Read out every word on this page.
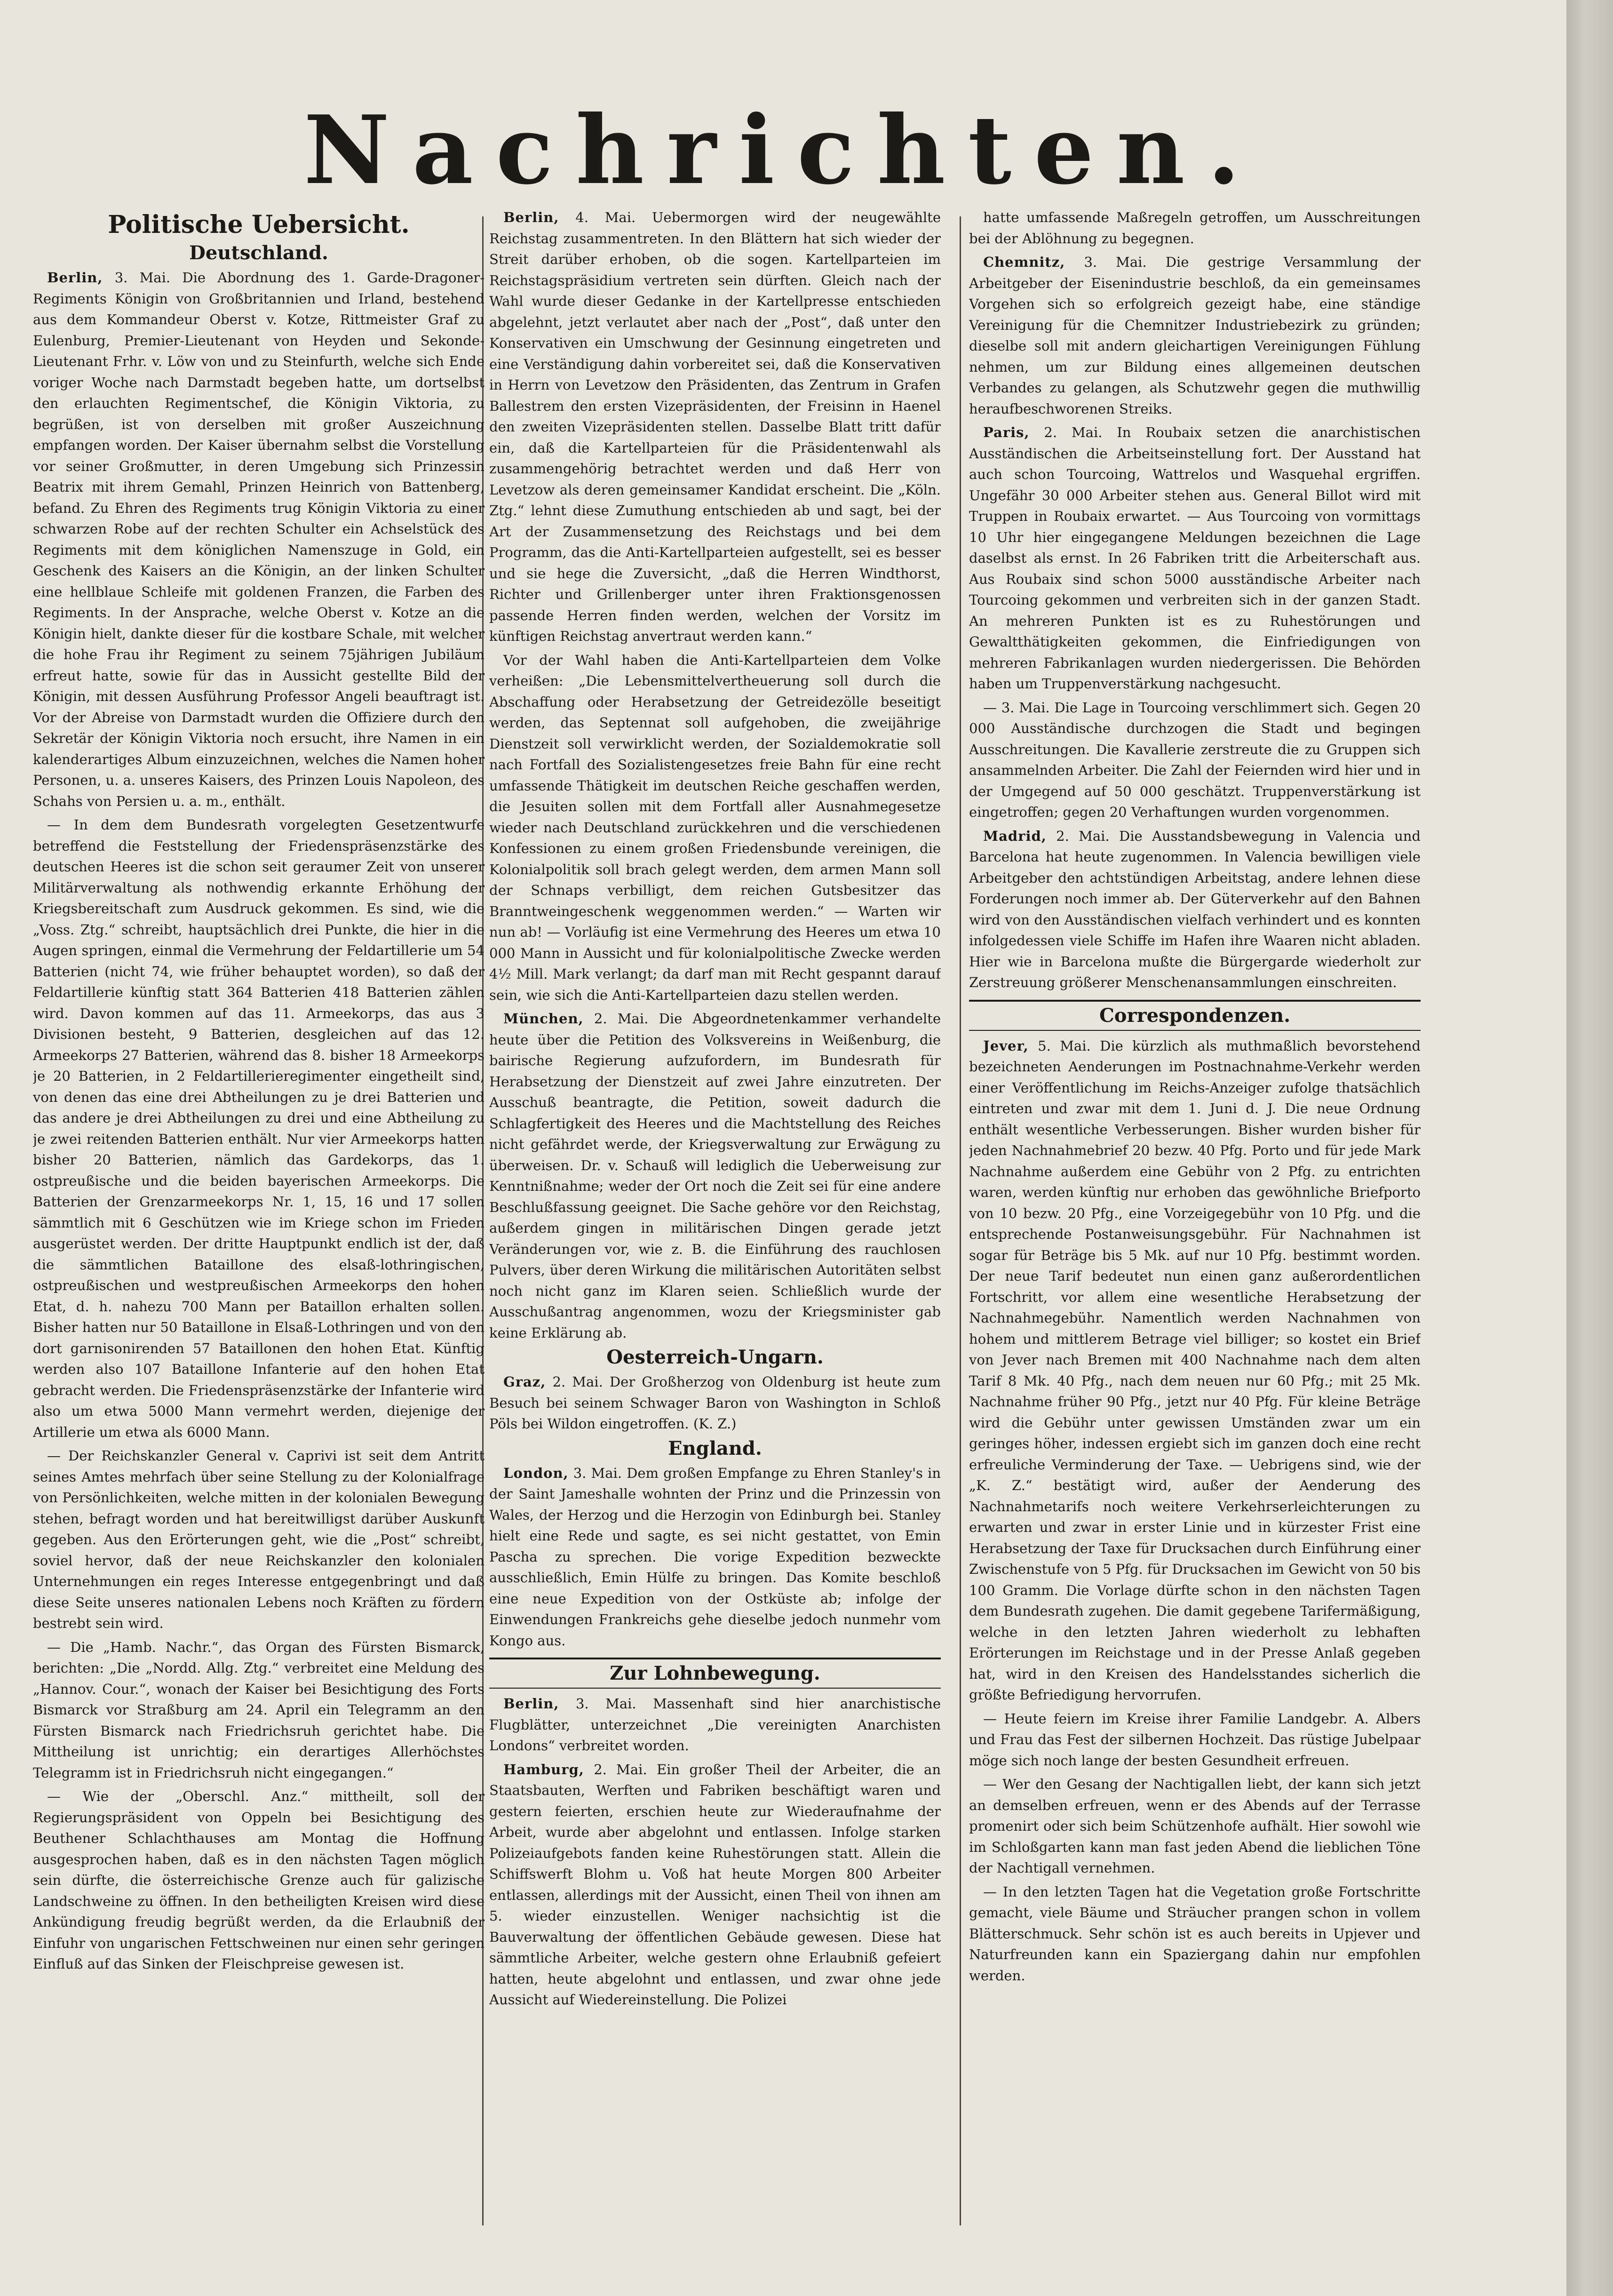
Nachrichten.
Politische Uebersicht.
Deutschland.

Berlin, 3. Mai. Die Abordnung des 1. Garde-Dragoner-Regiments Königin von Großbritannien und Irland, bestehend aus dem Kommandeur Oberst v. Kotze, Rittmeister Graf zu Eulenburg, Premier-Lieutenant von Heyden und Sekonde-Lieutenant Frhr. v. Löw von und zu Steinfurth, welche sich Ende voriger Woche nach Darmstadt begeben hatte, um dortselbst den erlauchten Regimentschef, die Königin Viktoria, zu begrüßen, ist von derselben mit großer Auszeichnung empfangen worden. Der Kaiser übernahm selbst die Vorstellung vor seiner Großmutter, in deren Umgebung sich Prinzessin Beatrix mit ihrem Gemahl, Prinzen Heinrich von Battenberg, befand. Zu Ehren des Regiments trug Königin Viktoria zu einer schwarzen Robe auf der rechten Schulter ein Achselstück des Regiments mit dem königlichen Namenszuge in Gold, ein Geschenk des Kaisers an die Königin, an der linken Schulter eine hellblaue Schleife mit goldenen Franzen, die Farben des Regiments. In der Ansprache, welche Oberst v. Kotze an die Königin hielt, dankte dieser für die kostbare Schale, mit welcher die hohe Frau ihr Regiment zu seinem 75jährigen Jubiläum erfreut hatte, sowie für das in Aussicht gestellte Bild der Königin, mit dessen Ausführung Professor Angeli beauftragt ist. Vor der Abreise von Darmstadt wurden die Offiziere durch den Sekretär der Königin Viktoria noch ersucht, ihre Namen in ein kalenderartiges Album einzuzeichnen, welches die Namen hoher Personen, u. a. unseres Kaisers, des Prinzen Louis Napoleon, des Schahs von Persien u. a. m., enthält.

— In dem dem Bundesrath vorgelegten Gesetzentwurfe betreffend die Feststellung der Friedenspräsenzstärke des deutschen Heeres ist die schon seit geraumer Zeit von unserer Militärverwaltung als nothwendig erkannte Erhöhung der Kriegsbereitschaft zum Ausdruck gekommen. Es sind, wie die „Voss. Ztg.“ schreibt, hauptsächlich drei Punkte, die hier in die Augen springen, einmal die Vermehrung der Feldartillerie um 54 Batterien (nicht 74, wie früher behauptet worden), so daß der Feldartillerie künftig statt 364 Batterien 418 Batterien zählen wird. Davon kommen auf das 11. Armeekorps, das aus 3 Divisionen besteht, 9 Batterien, desgleichen auf das 12. Armeekorps 27 Batterien, während das 8. bisher 18 Armeekorps je 20 Batterien, in 2 Feldartillerieregimenter eingetheilt sind, von denen das eine drei Abtheilungen zu je drei Batterien und das andere je drei Abtheilungen zu drei und eine Abtheilung zu je zwei reitenden Batterien enthält. Nur vier Armeekorps hatten bisher 20 Batterien, nämlich das Gardekorps, das 1. ostpreußische und die beiden bayerischen Armeekorps. Die Batterien der Grenzarmeekorps Nr. 1, 15, 16 und 17 sollen sämmtlich mit 6 Geschützen wie im Kriege schon im Frieden ausgerüstet werden. Der dritte Hauptpunkt endlich ist der, daß die sämmtlichen Bataillone des elsaß-lothringischen, ostpreußischen und westpreußischen Armeekorps den hohen Etat, d. h. nahezu 700 Mann per Bataillon erhalten sollen. Bisher hatten nur 50 Bataillone in Elsaß-Lothringen und von den dort garnisonirenden 57 Bataillonen den hohen Etat. Künftig werden also 107 Bataillone Infanterie auf den hohen Etat gebracht werden. Die Friedenspräsenzstärke der Infanterie wird also um etwa 5000 Mann vermehrt werden, diejenige der Artillerie um etwa als 6000 Mann.

— Der Reichskanzler General v. Caprivi ist seit dem Antritt seines Amtes mehrfach über seine Stellung zu der Kolonialfrage von Persönlichkeiten, welche mitten in der kolonialen Bewegung stehen, befragt worden und hat bereitwilligst darüber Auskunft gegeben. Aus den Erörterungen geht, wie die „Post“ schreibt, soviel hervor, daß der neue Reichskanzler den kolonialen Unternehmungen ein reges Interesse entgegenbringt und daß diese Seite unseres nationalen Lebens noch Kräften zu fördern bestrebt sein wird.

— Die „Hamb. Nachr.“, das Organ des Fürsten Bismarck, berichten: „Die „Nordd. Allg. Ztg.“ verbreitet eine Meldung des „Hannov. Cour.“, wonach der Kaiser bei Besichtigung des Forts Bismarck vor Straßburg am 24. April ein Telegramm an den Fürsten Bismarck nach Friedrichsruh gerichtet habe. Die Mittheilung ist unrichtig; ein derartiges Allerhöchstes Telegramm ist in Friedrichsruh nicht eingegangen.“

— Wie der „Oberschl. Anz.“ mittheilt, soll der Regierungspräsident von Oppeln bei Besichtigung des Beuthener Schlachthauses am Montag die Hoffnung ausgesprochen haben, daß es in den nächsten Tagen möglich sein dürfte, die österreichische Grenze auch für galizische Landschweine zu öffnen. In den betheiligten Kreisen wird diese Ankündigung freudig begrüßt werden, da die Erlaubniß der Einfuhr von ungarischen Fettschweinen nur einen sehr geringen Einfluß auf das Sinken der Fleischpreise gewesen ist.

Berlin, 4. Mai. Uebermorgen wird der neugewählte Reichstag zusammentreten. In den Blättern hat sich wieder der Streit darüber erhoben, ob die sogen. Kartellparteien im Reichstagspräsidium vertreten sein dürften. Gleich nach der Wahl wurde dieser Gedanke in der Kartellpresse entschieden abgelehnt, jetzt verlautet aber nach der „Post“, daß unter den Konservativen ein Umschwung der Gesinnung eingetreten und eine Verständigung dahin vorbereitet sei, daß die Konservativen in Herrn von Levetzow den Präsidenten, das Zentrum in Grafen Ballestrem den ersten Vizepräsidenten, der Freisinn in Haenel den zweiten Vizepräsidenten stellen. Dasselbe Blatt tritt dafür ein, daß die Kartellparteien für die Präsidentenwahl als zusammengehörig betrachtet werden und daß Herr von Levetzow als deren gemeinsamer Kandidat erscheint. Die „Köln. Ztg.“ lehnt diese Zumuthung entschieden ab und sagt, bei der Art der Zusammensetzung des Reichstags und bei dem Programm, das die Anti-Kartellparteien aufgestellt, sei es besser und sie hege die Zuversicht, „daß die Herren Windthorst, Richter und Grillenberger unter ihren Fraktionsgenossen passende Herren finden werden, welchen der Vorsitz im künftigen Reichstag anvertraut werden kann.“

Vor der Wahl haben die Anti-Kartellparteien dem Volke verheißen: „Die Lebensmittelvertheuerung soll durch die Abschaffung oder Herabsetzung der Getreidezölle beseitigt werden, das Septennat soll aufgehoben, die zweijährige Dienstzeit soll verwirklicht werden, der Sozialdemokratie soll nach Fortfall des Sozialistengesetzes freie Bahn für eine recht umfassende Thätigkeit im deutschen Reiche geschaffen werden, die Jesuiten sollen mit dem Fortfall aller Ausnahmegesetze wieder nach Deutschland zurückkehren und die verschiedenen Konfessionen zu einem großen Friedensbunde vereinigen, die Kolonialpolitik soll brach gelegt werden, dem armen Mann soll der Schnaps verbilligt, dem reichen Gutsbesitzer das Branntweingeschenk weggenommen werden.“ — Warten wir nun ab! — Vorläufig ist eine Vermehrung des Heeres um etwa 10 000 Mann in Aussicht und für kolonialpolitische Zwecke werden 4½ Mill. Mark verlangt; da darf man mit Recht gespannt darauf sein, wie sich die Anti-Kartellparteien dazu stellen werden.

München, 2. Mai. Die Abgeordnetenkammer verhandelte heute über die Petition des Volksvereins in Weißenburg, die bairische Regierung aufzufordern, im Bundesrath für Herabsetzung der Dienstzeit auf zwei Jahre einzutreten. Der Ausschuß beantragte, die Petition, soweit dadurch die Schlagfertigkeit des Heeres und die Machtstellung des Reiches nicht gefährdet werde, der Kriegsverwaltung zur Erwägung zu überweisen. Dr. v. Schauß will lediglich die Ueberweisung zur Kenntnißnahme; weder der Ort noch die Zeit sei für eine andere Beschlußfassung geeignet. Die Sache gehöre vor den Reichstag, außerdem gingen in militärischen Dingen gerade jetzt Veränderungen vor, wie z. B. die Einführung des rauchlosen Pulvers, über deren Wirkung die militärischen Autoritäten selbst noch nicht ganz im Klaren seien. Schließlich wurde der Ausschußantrag angenommen, wozu der Kriegsminister gab keine Erklärung ab.

Oesterreich-Ungarn.

Graz, 2. Mai. Der Großherzog von Oldenburg ist heute zum Besuch bei seinem Schwager Baron von Washington in Schloß Pöls bei Wildon eingetroffen. (K. Z.)

England.

London, 3. Mai. Dem großen Empfange zu Ehren Stanley's in der Saint Jameshalle wohnten der Prinz und die Prinzessin von Wales, der Herzog und die Herzogin von Edinburgh bei. Stanley hielt eine Rede und sagte, es sei nicht gestattet, von Emin Pascha zu sprechen. Die vorige Expedition bezweckte ausschließlich, Emin Hülfe zu bringen. Das Komite beschloß eine neue Expedition von der Ostküste ab; infolge der Einwendungen Frankreichs gehe dieselbe jedoch nunmehr vom Kongo aus.

Zur Lohnbewegung.

Berlin, 3. Mai. Massenhaft sind hier anarchistische Flugblätter, unterzeichnet „Die vereinigten Anarchisten Londons“ verbreitet worden.

Hamburg, 2. Mai. Ein großer Theil der Arbeiter, die an Staatsbauten, Werften und Fabriken beschäftigt waren und gestern feierten, erschien heute zur Wiederaufnahme der Arbeit, wurde aber abgelohnt und entlassen. Infolge starken Polizeiaufgebots fanden keine Ruhestörungen statt. Allein die Schiffswerft Blohm u. Voß hat heute Morgen 800 Arbeiter entlassen, allerdings mit der Aussicht, einen Theil von ihnen am 5. wieder einzustellen. Weniger nachsichtig ist die Bauverwaltung der öffentlichen Gebäude gewesen. Diese hat sämmtliche Arbeiter, welche gestern ohne Erlaubniß gefeiert hatten, heute abgelohnt und entlassen, und zwar ohne jede Aussicht auf Wiedereinstellung. Die Polizei

hatte umfassende Maßregeln getroffen, um Ausschreitungen bei der Ablöhnung zu begegnen.

Chemnitz, 3. Mai. Die gestrige Versammlung der Arbeitgeber der Eisenindustrie beschloß, da ein gemeinsames Vorgehen sich so erfolgreich gezeigt habe, eine ständige Vereinigung für die Chemnitzer Industriebezirk zu gründen; dieselbe soll mit andern gleichartigen Vereinigungen Fühlung nehmen, um zur Bildung eines allgemeinen deutschen Verbandes zu gelangen, als Schutzwehr gegen die muthwillig heraufbeschworenen Streiks.

Paris, 2. Mai. In Roubaix setzen die anarchistischen Ausständischen die Arbeitseinstellung fort. Der Ausstand hat auch schon Tourcoing, Wattrelos und Wasquehal ergriffen. Ungefähr 30 000 Arbeiter stehen aus. General Billot wird mit Truppen in Roubaix erwartet. — Aus Tourcoing von vormittags 10 Uhr hier eingegangene Meldungen bezeichnen die Lage daselbst als ernst. In 26 Fabriken tritt die Arbeiterschaft aus. Aus Roubaix sind schon 5000 ausständische Arbeiter nach Tourcoing gekommen und verbreiten sich in der ganzen Stadt. An mehreren Punkten ist es zu Ruhestörungen und Gewaltthätigkeiten gekommen, die Einfriedigungen von mehreren Fabrikanlagen wurden niedergerissen. Die Behörden haben um Truppenverstärkung nachgesucht.

— 3. Mai. Die Lage in Tourcoing verschlimmert sich. Gegen 20 000 Ausständische durchzogen die Stadt und begingen Ausschreitungen. Die Kavallerie zerstreute die zu Gruppen sich ansammelnden Arbeiter. Die Zahl der Feiernden wird hier und in der Umgegend auf 50 000 geschätzt. Truppenverstärkung ist eingetroffen; gegen 20 Verhaftungen wurden vorgenommen.

Madrid, 2. Mai. Die Ausstandsbewegung in Valencia und Barcelona hat heute zugenommen. In Valencia bewilligen viele Arbeitgeber den achtstündigen Arbeitstag, andere lehnen diese Forderungen noch immer ab. Der Güterverkehr auf den Bahnen wird von den Ausständischen vielfach verhindert und es konnten infolgedessen viele Schiffe im Hafen ihre Waaren nicht abladen. Hier wie in Barcelona mußte die Bürgergarde wiederholt zur Zerstreuung größerer Menschenansammlungen einschreiten.

Correspondenzen.

Jever, 5. Mai. Die kürzlich als muthmaßlich bevorstehend bezeichneten Aenderungen im Postnachnahme-Verkehr werden einer Veröffentlichung im Reichs-Anzeiger zufolge thatsächlich eintreten und zwar mit dem 1. Juni d. J. Die neue Ordnung enthält wesentliche Verbesserungen. Bisher wurden bisher für jeden Nachnahmebrief 20 bezw. 40 Pfg. Porto und für jede Mark Nachnahme außerdem eine Gebühr von 2 Pfg. zu entrichten waren, werden künftig nur erhoben das gewöhnliche Briefporto von 10 bezw. 20 Pfg., eine Vorzeigegebühr von 10 Pfg. und die entsprechende Postanweisungsgebühr. Für Nachnahmen ist sogar für Beträge bis 5 Mk. auf nur 10 Pfg. bestimmt worden. Der neue Tarif bedeutet nun einen ganz außerordentlichen Fortschritt, vor allem eine wesentliche Herabsetzung der Nachnahmegebühr. Namentlich werden Nachnahmen von hohem und mittlerem Betrage viel billiger; so kostet ein Brief von Jever nach Bremen mit 400 Nachnahme nach dem alten Tarif 8 Mk. 40 Pfg., nach dem neuen nur 60 Pfg.; mit 25 Mk. Nachnahme früher 90 Pfg., jetzt nur 40 Pfg. Für kleine Beträge wird die Gebühr unter gewissen Umständen zwar um ein geringes höher, indessen ergiebt sich im ganzen doch eine recht erfreuliche Verminderung der Taxe. — Uebrigens sind, wie der „K. Z.“ bestätigt wird, außer der Aenderung des Nachnahmetarifs noch weitere Verkehrserleichterungen zu erwarten und zwar in erster Linie und in kürzester Frist eine Herabsetzung der Taxe für Drucksachen durch Einführung einer Zwischenstufe von 5 Pfg. für Drucksachen im Gewicht von 50 bis 100 Gramm. Die Vorlage dürfte schon in den nächsten Tagen dem Bundesrath zugehen. Die damit gegebene Tarifermäßigung, welche in den letzten Jahren wiederholt zu lebhaften Erörterungen im Reichstage und in der Presse Anlaß gegeben hat, wird in den Kreisen des Handelsstandes sicherlich die größte Befriedigung hervorrufen.

— Heute feiern im Kreise ihrer Familie Landgebr. A. Albers und Frau das Fest der silbernen Hochzeit. Das rüstige Jubelpaar möge sich noch lange der besten Gesundheit erfreuen.

— Wer den Gesang der Nachtigallen liebt, der kann sich jetzt an demselben erfreuen, wenn er des Abends auf der Terrasse promenirt oder sich beim Schützenhofe aufhält. Hier sowohl wie im Schloßgarten kann man fast jeden Abend die lieblichen Töne der Nachtigall vernehmen.

— In den letzten Tagen hat die Vegetation große Fortschritte gemacht, viele Bäume und Sträucher prangen schon in vollem Blätterschmuck. Sehr schön ist es auch bereits in Upjever und Naturfreunden kann ein Spaziergang dahin nur empfohlen werden.
